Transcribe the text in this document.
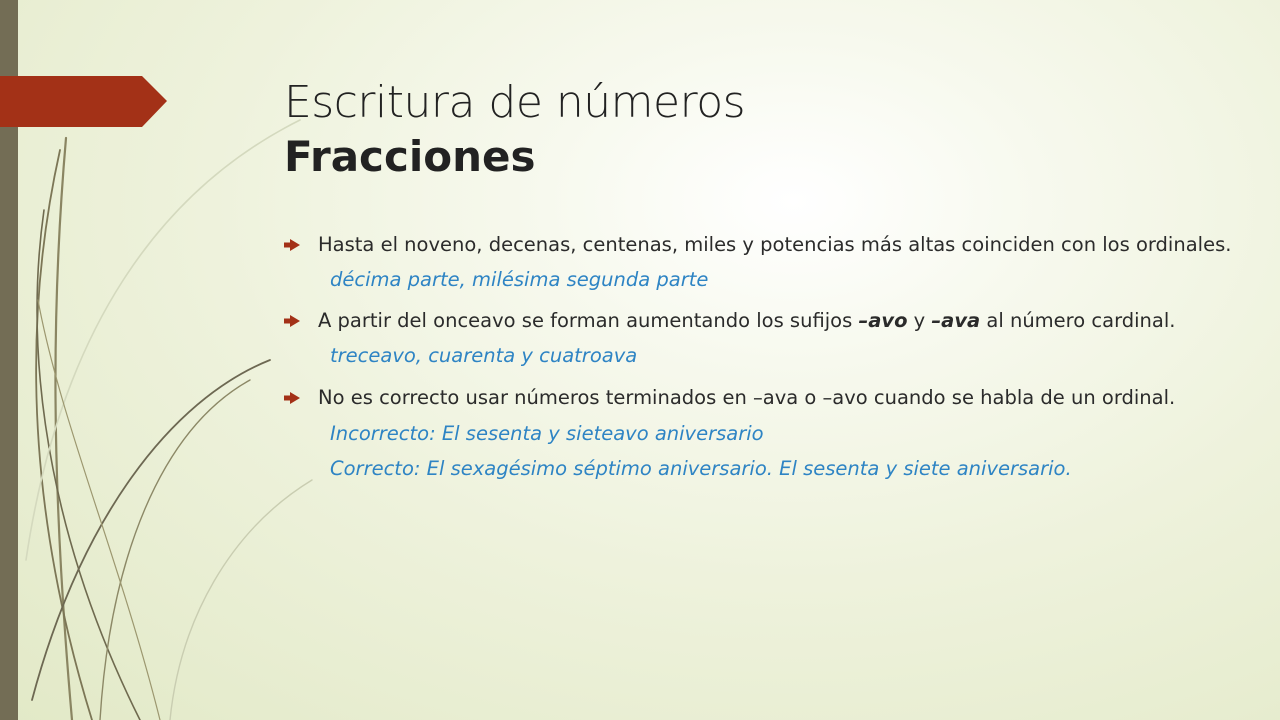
Escritura de números
Fracciones
Hasta el noveno, decenas, centenas, miles y potencias más altas coinciden con los ordinales.
décima parte, milésima segunda parte
A partir del onceavo se forman aumentando los sufijos –avo y –ava al número cardinal.
treceavo, cuarenta y cuatroava
No es correcto usar números terminados en –ava o –avo cuando se habla de un ordinal.
Incorrecto: El sesenta y sieteavo aniversario
Correcto: El sexagésimo séptimo aniversario. El sesenta y siete aniversario.
